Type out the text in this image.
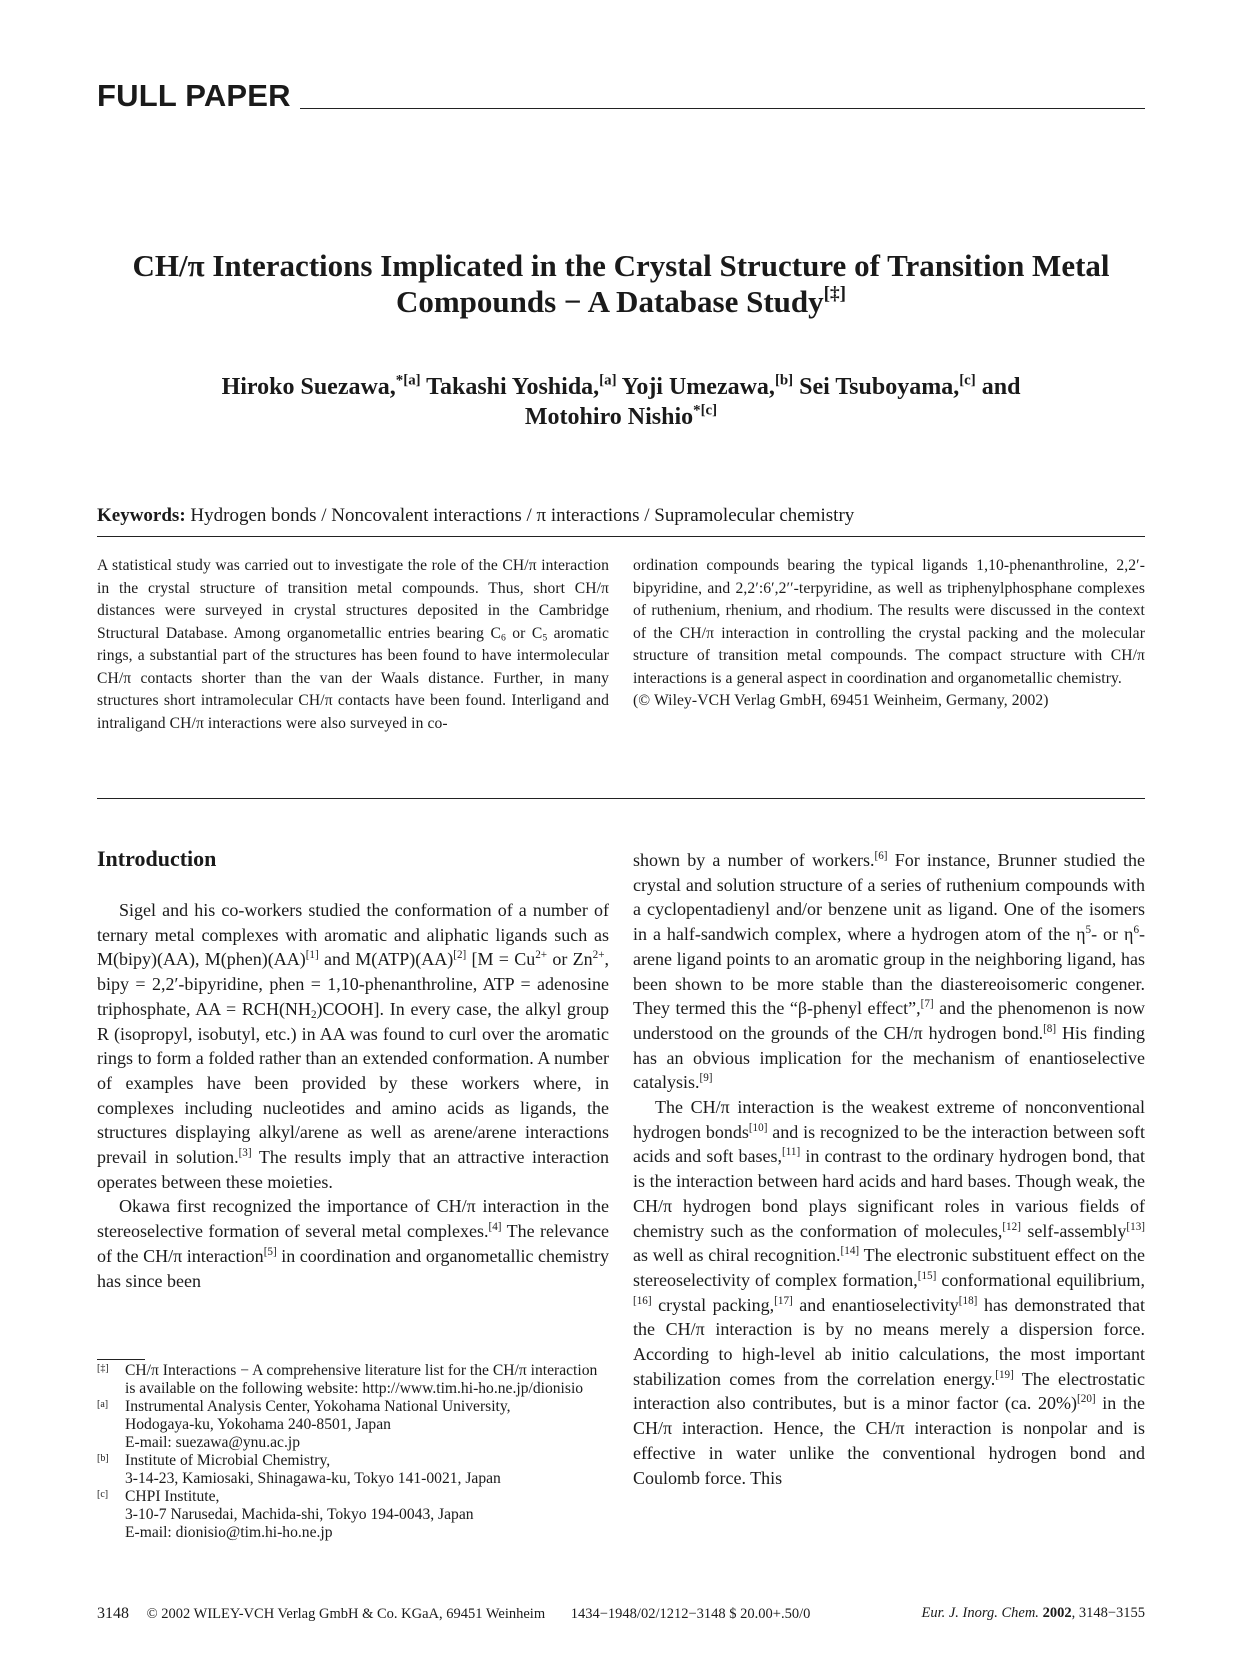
FULL PAPER
CH/π Interactions Implicated in the Crystal Structure of Transition Metal
Compounds − A Database Study[‡]
Hiroko Suezawa,$^{*[a]}$ Takashi Yoshida,[a] Yoji Umezawa,[b] Sei Tsuboyama,[c] and
Motohiro Nishio$^{*[c]}$
Keywords: Hydrogen bonds / Noncovalent interactions / π interactions / Supramolecular chemistry
A statistical study was carried out to investigate the role of the CH/π interaction in the crystal structure of transition metal compounds. Thus, short CH/π distances were surveyed in crystal structures deposited in the Cambridge Structural Database. Among organometallic entries bearing $C_6$ or $C_5$ aromatic rings, a substantial part of the structures has been found to have intermolecular CH/π contacts shorter than the van der Waals distance. Further, in many structures short intramolecular CH/π contacts have been found. Interligand and intraligand CH/π interactions were also surveyed in co-
ordination compounds bearing the typical ligands 1,10-phenanthroline, 2,2′-bipyridine, and 2,2′:6′,2′′-terpyridine, as well as triphenylphosphane complexes of ruthenium, rhenium, and rhodium. The results were discussed in the context of the CH/π interaction in controlling the crystal packing and the molecular structure of transition metal compounds. The compact structure with CH/π interactions is a general aspect in coordination and organometallic chemistry.
(© Wiley-VCH Verlag GmbH, 69451 Weinheim, Germany, 2002)
Introduction

Sigel and his co-workers studied the conformation of a number of ternary metal complexes with aromatic and aliphatic ligands such as M(bipy)(AA), M(phen)(AA)[1] and M(ATP)(AA)[2] [$M = Cu^{2+}$ or $Zn^{2+}$, bipy = 2,2′-bipyridine, phen = 1,10-phenanthroline, ATP = adenosine triphosphate, AA = $RCH(NH_2)COOH$]. In every case, the alkyl group R (isopropyl, isobutyl, etc.) in AA was found to curl over the aromatic rings to form a folded rather than an extended conformation. A number of examples have been provided by these workers where, in complexes including nucleotides and amino acids as ligands, the structures displaying alkyl/arene as well as arene/arene interactions prevail in solution.[3] The results imply that an attractive interaction operates between these moieties.

Okawa first recognized the importance of CH/π interaction in the stereoselective formation of several metal complexes.[4] The relevance of the CH/π interaction[5] in coordination and organometallic chemistry has since been

shown by a number of workers.[6] For instance, Brunner studied the crystal and solution structure of a series of ruthenium compounds with a cyclopentadienyl and/or benzene unit as ligand. One of the isomers in a half-sandwich complex, where a hydrogen atom of the $\eta^5-$ or $\eta^6$-arene ligand points to an aromatic group in the neighboring ligand, has been shown to be more stable than the diastereoisomeric congener. They termed this the “β-phenyl effect”,[7] and the phenomenon is now understood on the grounds of the CH/π hydrogen bond.[8] His finding has an obvious implication for the mechanism of enantioselective catalysis.[9]

The CH/π interaction is the weakest extreme of nonconventional hydrogen bonds[10] and is recognized to be the interaction between soft acids and soft bases,[11] in contrast to the ordinary hydrogen bond, that is the interaction between hard acids and hard bases. Though weak, the CH/π hydrogen bond plays significant roles in various fields of chemistry such as the conformation of molecules,[12] self-assembly[13] as well as chiral recognition.[14] The electronic substituent effect on the stereoselectivity of complex formation,[15] conformational equilibrium,[16] crystal packing,[17] and enantioselectivity[18] has demonstrated that the CH/π interaction is by no means merely a dispersion force. According to high-level ab initio calculations, the most important stabilization comes from the correlation energy.[19] The electrostatic interaction also contributes, but is a minor factor (ca. 20%)[20] in the CH/π interaction. Hence, the CH/π interaction is nonpolar and is effective in water unlike the conventional hydrogen bond and Coulomb force. This

[‡] CH/π Interactions − A comprehensive literature list for the CH/π interaction is available on the following website: http://www.tim.hi-ho.ne.jp/dionisio
[a] Instrumental Analysis Center, Yokohama National University,
Hodogaya-ku, Yokohama 240-8501, Japan
E-mail: suezawa@ynu.ac.jp
[b] Institute of Microbial Chemistry,
3-14-23, Kamiosaki, Shinagawa-ku, Tokyo 141-0021, Japan
[c] CHPI Institute,
3-10-7 Narusedai, Machida-shi, Tokyo 194-0043, Japan
E-mail: dionisio@tim.hi-ho.ne.jp
3148 © 2002 WILEY-VCH Verlag GmbH & Co. KGaA, 69451 Weinheim 1434−1948/02/1212−3148 $ 20.00+.50/0	Eur. J. Inorg. Chem. 2002, 3148−3155
